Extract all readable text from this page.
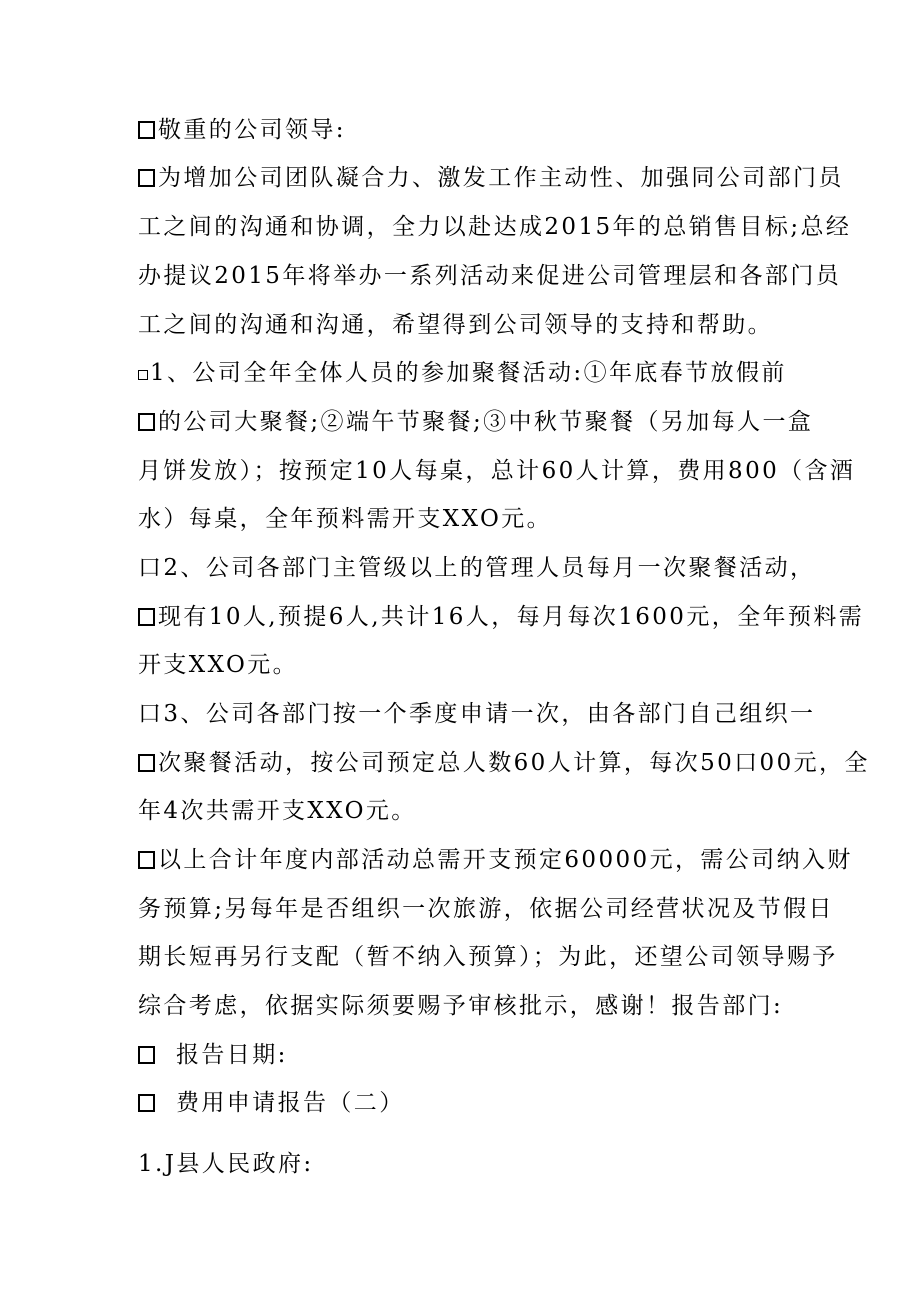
敬重的公司领导:
为增加公司团队凝合力、激发工作主动性、加强同公司部门员
工之间的沟通和协调，全力以赴达成2015年的总销售目标;总经
办提议2015年将举办一系列活动来促进公司管理层和各部门员
工之间的沟通和沟通，希望得到公司领导的支持和帮助。
1、公司全年全体人员的参加聚餐活动:①年底春节放假前
的公司大聚餐;②端午节聚餐;③中秋节聚餐（另加每人一盒
月饼发放）；按预定10人每桌，总计60人计算，费用800（含酒
水）每桌，全年预料需开支XXO元。
口2、公司各部门主管级以上的管理人员每月一次聚餐活动，
现有10人,预提6人,共计16人，每月每次1600元，全年预料需
开支XXO元。
口3、公司各部门按一个季度申请一次，由各部门自己组织一
次聚餐活动，按公司预定总人数60人计算，每次50口00元，全
年4次共需开支XXO元。
以上合计年度内部活动总需开支预定60000元，需公司纳入财
务预算;另每年是否组织一次旅游，依据公司经营状况及节假日
期长短再另行支配（暂不纳入预算）；为此，还望公司领导赐予
综合考虑，依据实际须要赐予审核批示，感谢！报告部门:
报告日期:
费用申请报告（二）
1.J县人民政府:
